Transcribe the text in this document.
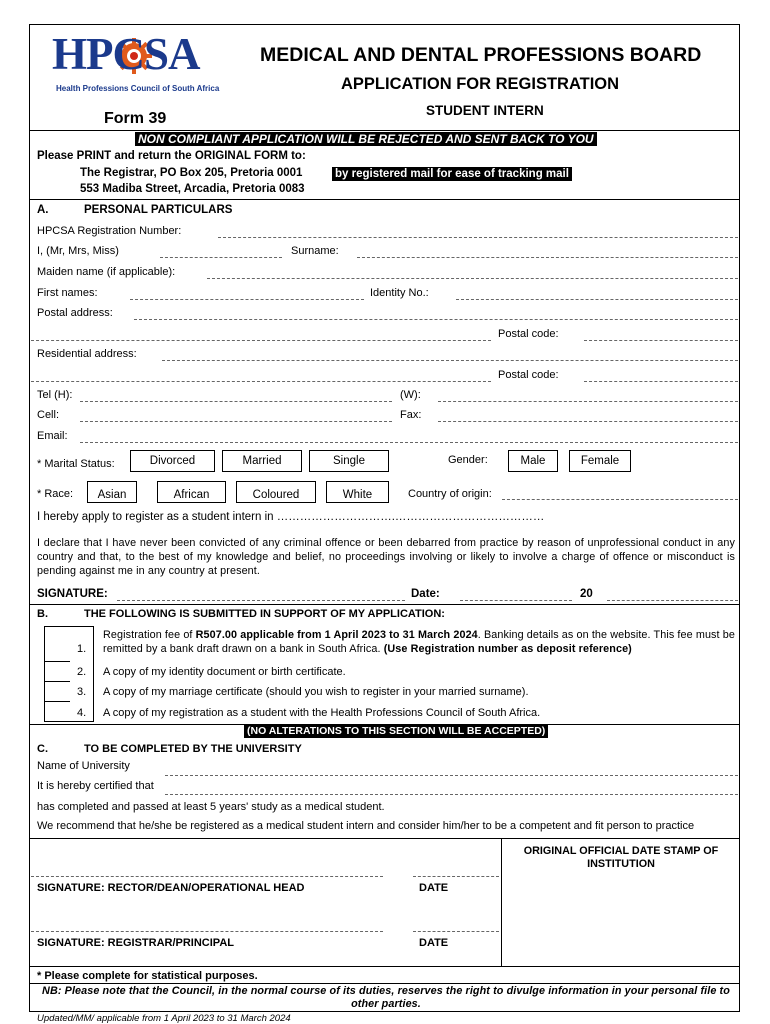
HPCSA
Health Professions Council of South Africa
MEDICAL AND DENTAL PROFESSIONS BOARD
APPLICATION FOR REGISTRATION
STUDENT INTERN
Form 39
NON COMPLIANT APPLICATION WILL BE REJECTED AND SENT BACK TO YOU
Please PRINT and return the ORIGINAL FORM to:
The Registrar, PO Box 205, Pretoria 0001	by registered mail for ease of tracking mail
553 Madiba Street, Arcadia, Pretoria 0083
A.	PERSONAL PARTICULARS
HPCSA Registration Number:
I, (Mr, Mrs, Miss)	Surname:
Maiden name (if applicable):
First names:	Identity No.:
Postal address:
Postal code:
Residential address:
Postal code:
Tel (H):	(W):
Cell:	Fax:
Email:
* Marital Status:	Divorced	Married	Single	Gender:	Male	Female
* Race:	Asian	African	Coloured	White	Country of origin:
I hereby apply to register as a student intern in ………………………….…………………………………
I declare that I have never been convicted of any criminal offence or been debarred from practice by reason of unprofessional conduct in any country and that, to the best of my knowledge and belief, no proceedings involving or likely to involve a charge of offence or misconduct is pending against me in any country at present.
SIGNATURE:	Date:	20
B.	THE FOLLOWING IS SUBMITTED IN SUPPORT OF MY APPLICATION:
1.
Registration fee of R507.00 applicable from 1 April 2023 to 31 March 2024. Banking details as on the website. This fee must be remitted by a bank draft drawn on a bank in South Africa. (Use Registration number as deposit reference)
2. A copy of my identity document or birth certificate.
3. A copy of my marriage certificate (should you wish to register in your married surname).
4. A copy of my registration as a student with the Health Professions Council of South Africa.
(NO ALTERATIONS TO THIS SECTION WILL BE ACCEPTED)
C.	TO BE COMPLETED BY THE UNIVERSITY
Name of University
It is hereby certified that
has completed and passed at least 5 years' study as a medical student.
We recommend that he/she be registered as a medical student intern and consider him/her to be a competent and fit person to practice
ORIGINAL OFFICIAL DATE STAMP OF INSTITUTION
SIGNATURE: RECTOR/DEAN/OPERATIONAL HEAD	DATE
SIGNATURE: REGISTRAR/PRINCIPAL	DATE
* Please complete for statistical purposes.
NB: Please note that the Council, in the normal course of its duties, reserves the right to divulge information in your personal file to other parties.
Updated/MM/ applicable from 1 April 2023 to 31 March 2024
